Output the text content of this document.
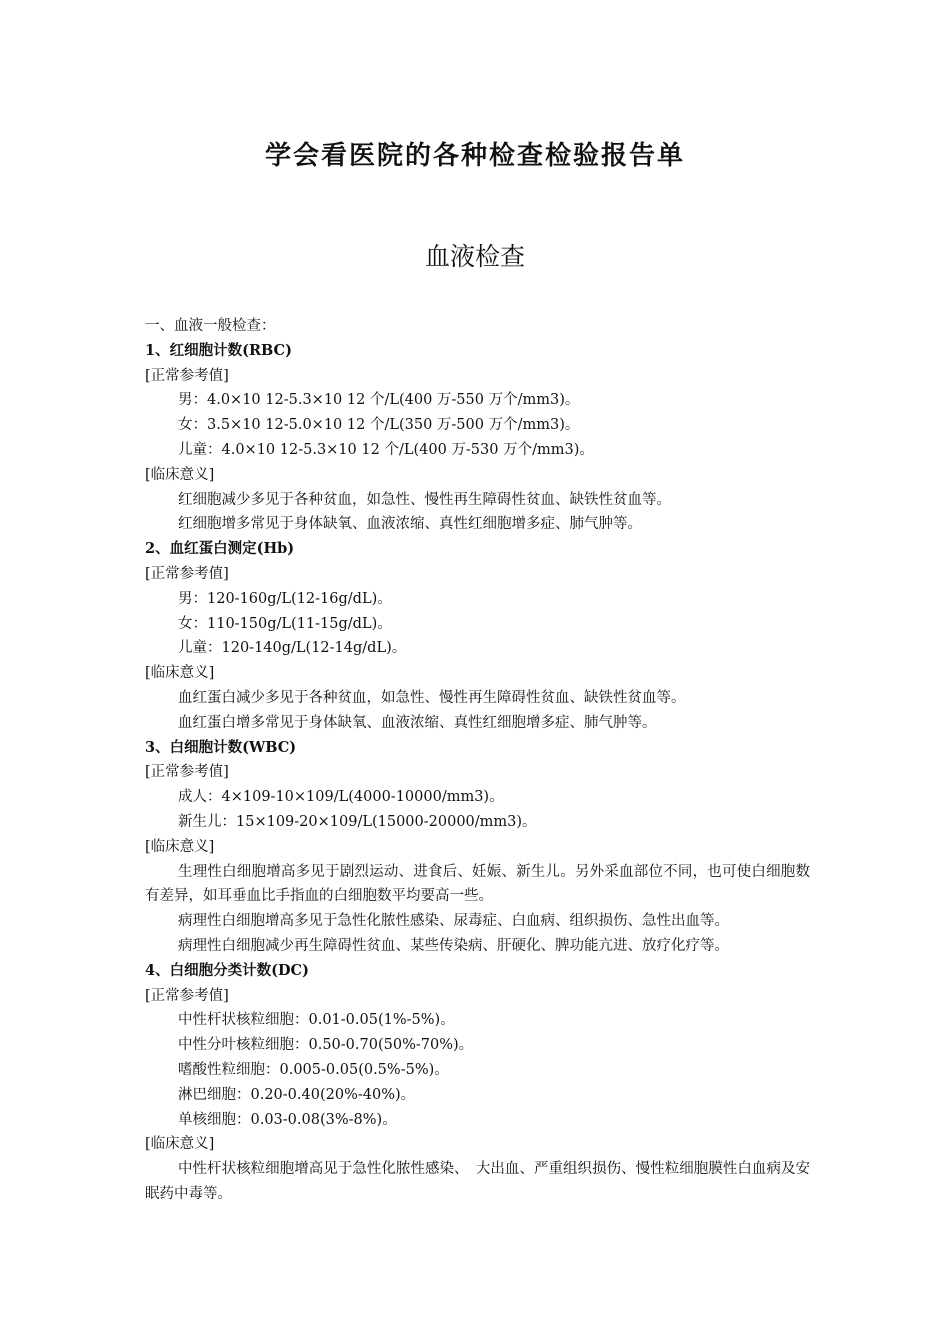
学会看医院的各种检查检验报告单
血液检查
一、血液一般检查：
1、红细胞计数(RBC)
[正常参考值]
男：4.0×10 12-5.3×10 12 个/L(400 万-550 万个/mm3)。
女：3.5×10 12-5.0×10 12 个/L(350 万-500 万个/mm3)。
儿童：4.0×10 12-5.3×10 12 个/L(400 万-530 万个/mm3)。
[临床意义]
红细胞减少多见于各种贫血，如急性、慢性再生障碍性贫血、缺铁性贫血等。
红细胞增多常见于身体缺氧、血液浓缩、真性红细胞增多症、肺气肿等。
2、血红蛋白测定(Hb)
[正常参考值]
男：120-160g/L(12-16g/dL)。
女：110-150g/L(11-15g/dL)。
儿童：120-140g/L(12-14g/dL)。
[临床意义]
血红蛋白减少多见于各种贫血，如急性、慢性再生障碍性贫血、缺铁性贫血等。
血红蛋白增多常见于身体缺氧、血液浓缩、真性红细胞增多症、肺气肿等。
3、白细胞计数(WBC)
[正常参考值]
成人：4×109-10×109/L(4000-10000/mm3)。
新生儿：15×109-20×109/L(15000-20000/mm3)。
[临床意义]
生理性白细胞增高多见于剧烈运动、进食后、妊娠、新生儿。另外采血部位不同，也可使白细胞数有差异，如耳垂血比手指血的白细胞数平均要高一些。
病理性白细胞增高多见于急性化脓性感染、尿毒症、白血病、组织损伤、急性出血等。
病理性白细胞减少再生障碍性贫血、某些传染病、肝硬化、脾功能亢进、放疗化疗等。
4、白细胞分类计数(DC)
[正常参考值]
中性杆状核粒细胞：0.01-0.05(1%-5%)。
中性分叶核粒细胞：0.50-0.70(50%-70%)。
嗜酸性粒细胞：0.005-0.05(0.5%-5%)。
淋巴细胞：0.20-0.40(20%-40%)。
单核细胞：0.03-0.08(3%-8%)。
[临床意义]
中性杆状核粒细胞增高见于急性化脓性感染、　大出血、严重组织损伤、慢性粒细胞膜性白血病及安眠药中毒等。
